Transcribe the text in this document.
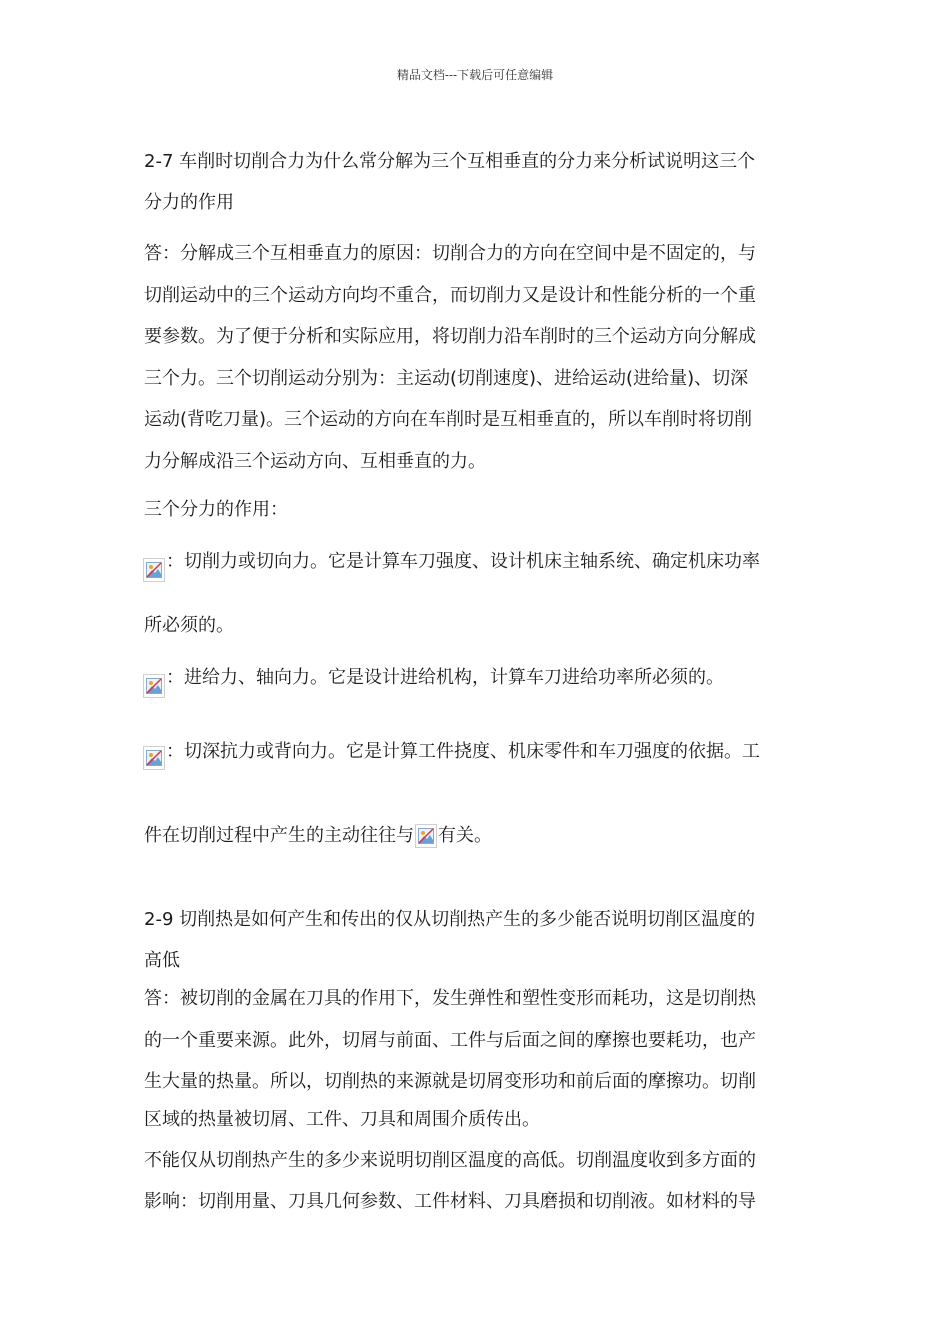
精品文档---下载后可任意编辑
2-7 车削时切削合力为什么常分解为三个互相垂直的分力来分析试说明这三个
分力的作用
答：分解成三个互相垂直力的原因：切削合力的方向在空间中是不固定的，与
切削运动中的三个运动方向均不重合，而切削力又是设计和性能分析的一个重
要参数。为了便于分析和实际应用，将切削力沿车削时的三个运动方向分解成
三个力。三个切削运动分别为：主运动(切削速度)、进给运动(进给量)、切深
运动(背吃刀量)。三个运动的方向在车削时是互相垂直的，所以车削时将切削
力分解成沿三个运动方向、互相垂直的力。
三个分力的作用：
：切削力或切向力。它是计算车刀强度、设计机床主轴系统、确定机床功率
所必须的。
：进给力、轴向力。它是设计进给机构，计算车刀进给功率所必须的。
：切深抗力或背向力。它是计算工件挠度、机床零件和车刀强度的依据。工
件在切削过程中产生的主动往往与 有关。
2-9 切削热是如何产生和传出的仅从切削热产生的多少能否说明切削区温度的
高低
答：被切削的金属在刀具的作用下，发生弹性和塑性变形而耗功，这是切削热
的一个重要来源。此外，切屑与前面、工件与后面之间的摩擦也要耗功，也产
生大量的热量。所以，切削热的来源就是切屑变形功和前后面的摩擦功。切削
区域的热量被切屑、工件、刀具和周围介质传出。
不能仅从切削热产生的多少来说明切削区温度的高低。切削温度收到多方面的
影响：切削用量、刀具几何参数、工件材料、刀具磨损和切削液。如材料的导
